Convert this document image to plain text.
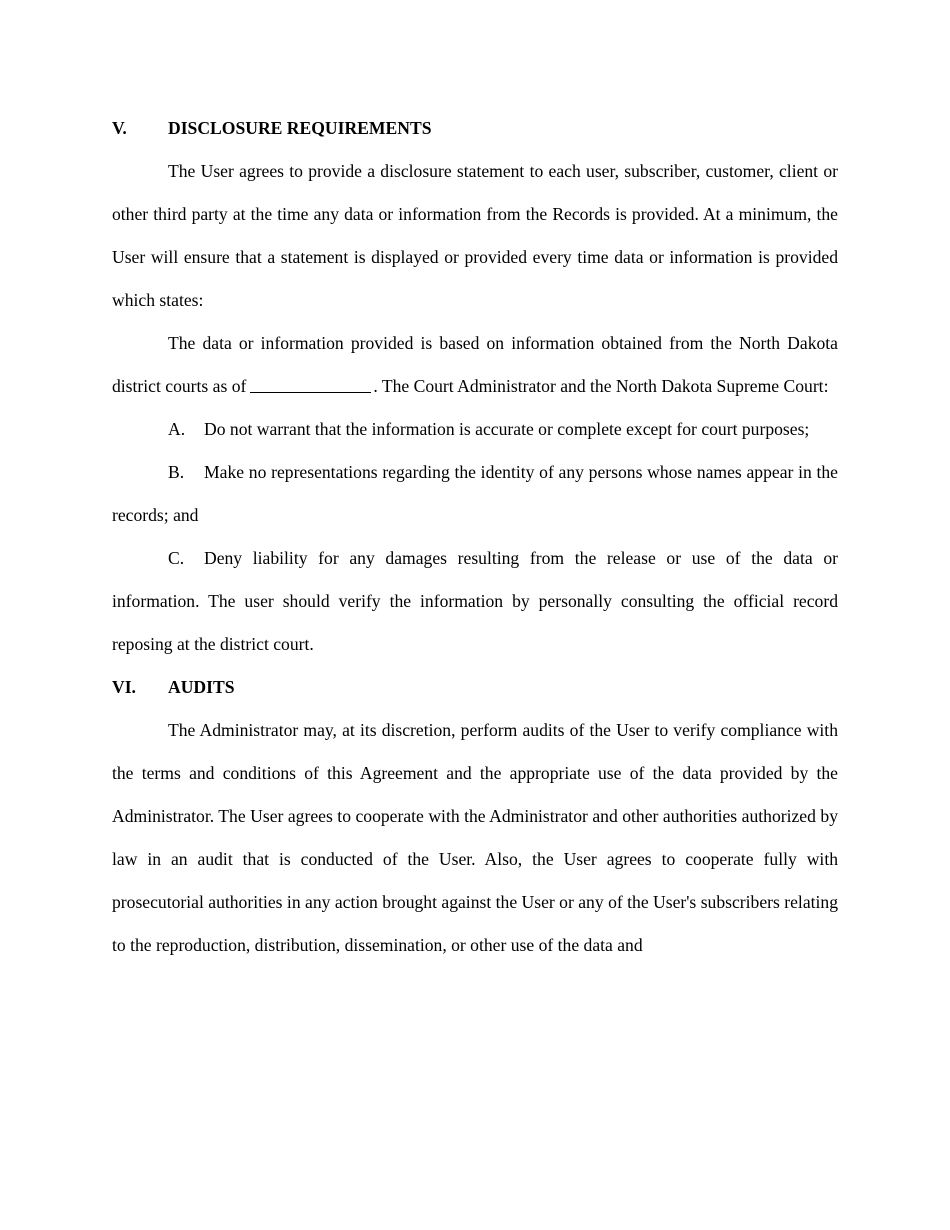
V. DISCLOSURE REQUIREMENTS

The User agrees to provide a disclosure statement to each user, subscriber, customer, client or other third party at the time any data or information from the Records is provided. At a minimum, the User will ensure that a statement is displayed or provided every time data or information is provided which states:

The data or information provided is based on information obtained from the North Dakota district courts as of	. The Court Administrator and the North Dakota Supreme Court:

A. Do not warrant that the information is accurate or complete except for court purposes;

B. Make no representations regarding the identity of any persons whose names appear in the records; and

C. Deny liability for any damages resulting from the release or use of the data or information. The user should verify the information by personally consulting the official record reposing at the district court.

VI. AUDITS

The Administrator may, at its discretion, perform audits of the User to verify compliance with the terms and conditions of this Agreement and the appropriate use of the data provided by the Administrator. The User agrees to cooperate with the Administrator and other authorities authorized by law in an audit that is conducted of the User. Also, the User agrees to cooperate fully with prosecutorial authorities in any action brought against the User or any of the User's subscribers relating to the reproduction, distribution, dissemination, or other use of the data and
